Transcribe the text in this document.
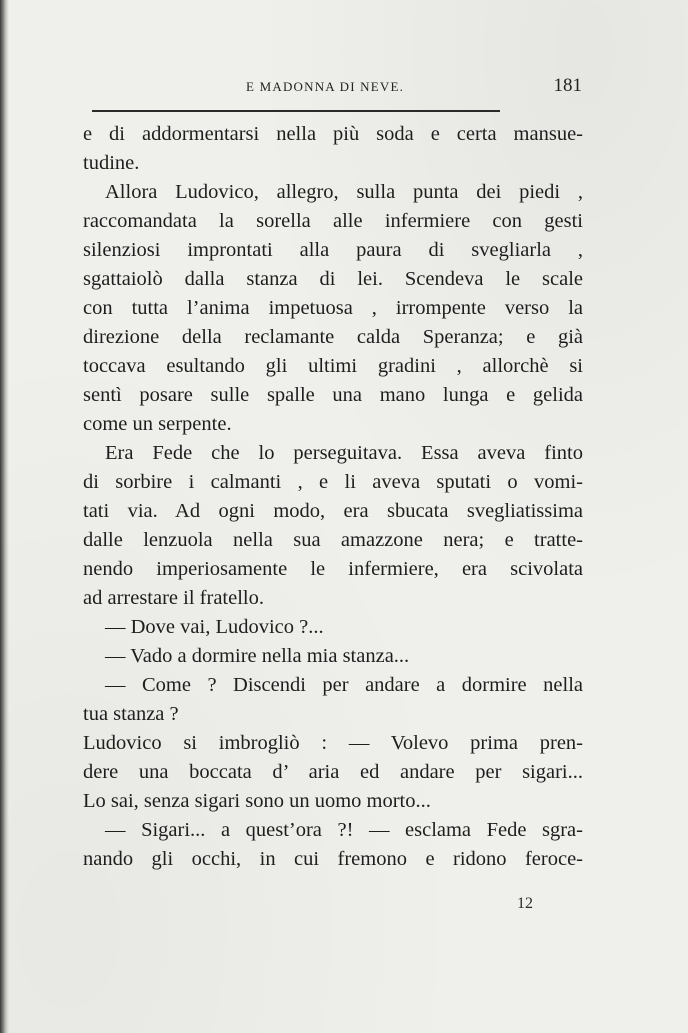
E MADONNA DI NEVE.	181
e di addormentarsi nella più soda e certa mansue-
tudine.
Allora Ludovico, allegro, sulla punta dei piedi ,
raccomandata la sorella alle infermiere con gesti
silenziosi improntati alla paura di svegliarla ,
sgattaiolò dalla stanza di lei. Scendeva le scale
con tutta l’anima impetuosa , irrompente verso la
direzione della reclamante calda Speranza; e già
toccava esultando gli ultimi gradini , allorchè si
sentì posare sulle spalle una mano lunga e gelida
come un serpente.
Era Fede che lo perseguitava. Essa aveva finto
di sorbire i calmanti , e li aveva sputati o vomi-
tati via. Ad ogni modo, era sbucata svegliatissima
dalle lenzuola nella sua amazzone nera; e tratte-
nendo imperiosamente le infermiere, era scivolata
ad arrestare il fratello.
— Dove vai, Ludovico ?...
— Vado a dormire nella mia stanza...
— Come ? Discendi per andare a dormire nella
tua stanza ?
Ludovico si imbrogliò : — Volevo prima pren-
dere una boccata d’ aria ed andare per sigari...
Lo sai, senza sigari sono un uomo morto...
— Sigari... a quest’ora ?! — esclama Fede sgra-
nando gli occhi, in cui fremono e ridono feroce-
12
